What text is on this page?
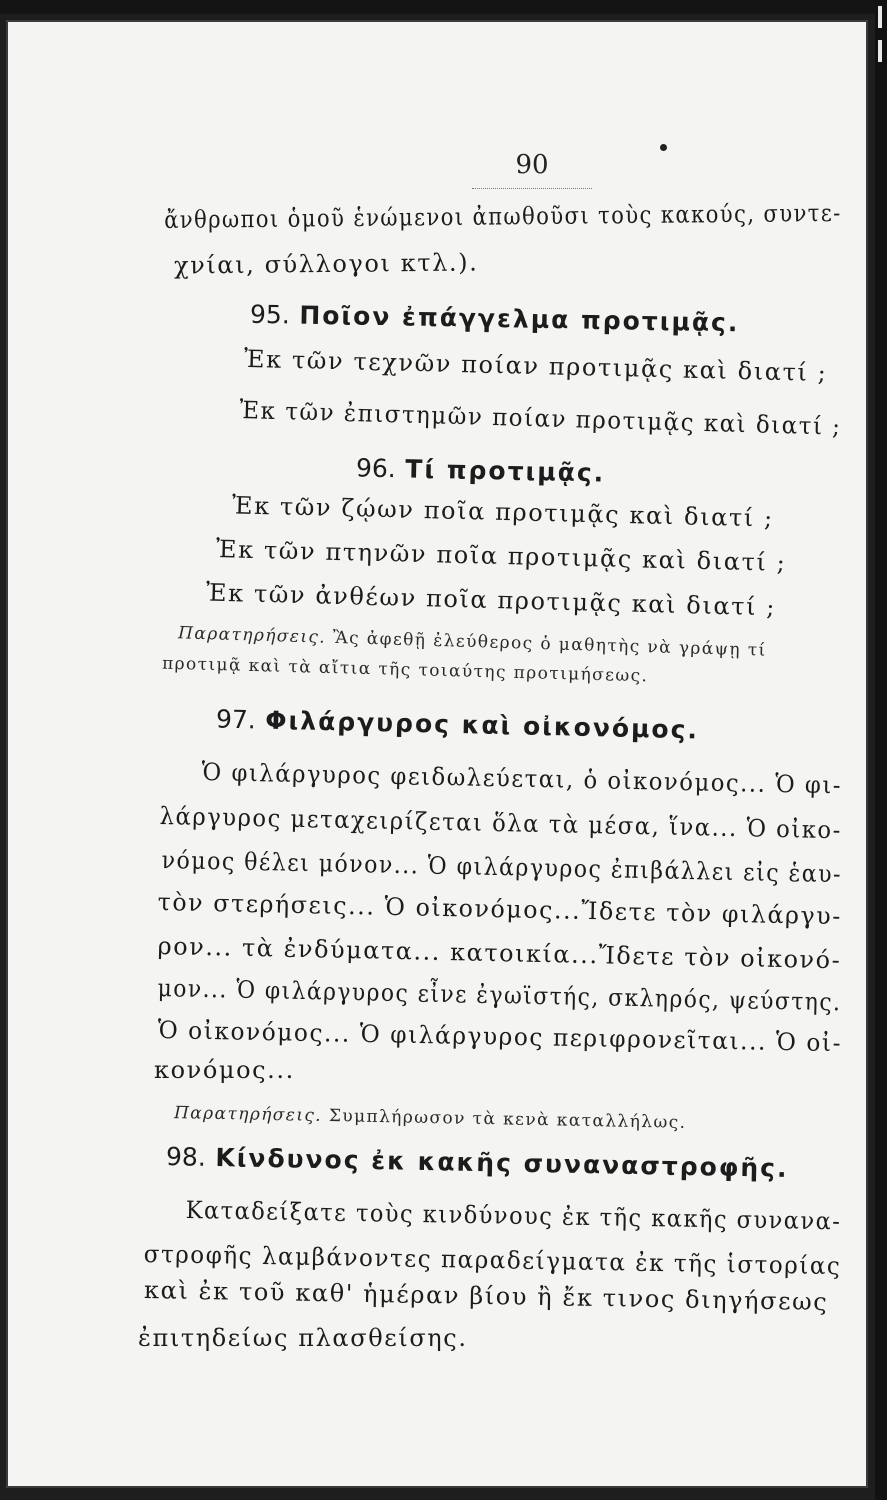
90
ἄνθρωποι ὁμοῦ ἑνώμενοι ἀπωθοῦσι τοὺς κακούς, συντε-
χνίαι, σύλλογοι κτλ.).
95. Ποῖον ἐπάγγελμα προτιμᾷς.
Ἐκ τῶν τεχνῶν ποίαν προτιμᾷς καὶ διατί ;
Ἐκ τῶν ἐπιστημῶν ποίαν προτιμᾷς καὶ διατί ;
96. Τί προτιμᾷς.
Ἐκ τῶν ζῴων ποῖα προτιμᾷς καὶ διατί ;
Ἐκ τῶν πτηνῶν ποῖα προτιμᾷς καὶ διατί ;
Ἐκ τῶν ἀνθέων ποῖα προτιμᾷς καὶ διατί ;
Παρατηρήσεις. Ἂς ἀφεθῇ ἐλεύθερος ὁ μαθητὴς νὰ γράψῃ τί
προτιμᾷ καὶ τὰ αἴτια τῆς τοιαύτης προτιμήσεως.
97. Φιλάργυρος καὶ οἰκονόμος.
Ὁ φιλάργυρος φειδωλεύεται, ὁ οἰκονόμος... Ὁ φι-
λάργυρος μεταχειρίζεται ὅλα τὰ μέσα, ἵνα... Ὁ οἰκο-
νόμος θέλει μόνον... Ὁ φιλάργυρος ἐπιβάλλει εἰς ἑαυ-
τὸν στερήσεις... Ὁ οἰκονόμος...Ἴδετε τὸν φιλάργυ-
ρον... τὰ ἐνδύματα... κατοικία...Ἴδετε τὸν οἰκονό-
μον... Ὁ φιλάργυρος εἶνε ἐγωϊστής, σκληρός, ψεύστης.
Ὁ οἰκονόμος... Ὁ φιλάργυρος περιφρονεῖται... Ὁ οἰ-
κονόμος...
Παρατηρήσεις. Συμπλήρωσον τὰ κενὰ καταλλήλως.
98. Κίνδυνος ἐκ κακῆς συναναστροφῆς.
Καταδείξατε τοὺς κινδύνους ἐκ τῆς κακῆς συνανα-
στροφῆς λαμβάνοντες παραδείγματα ἐκ τῆς ἱστορίας
καὶ ἐκ τοῦ καθ' ἡμέραν βίου ἢ ἔκ τινος διηγήσεως
ἐπιτηδείως πλασθείσης.
